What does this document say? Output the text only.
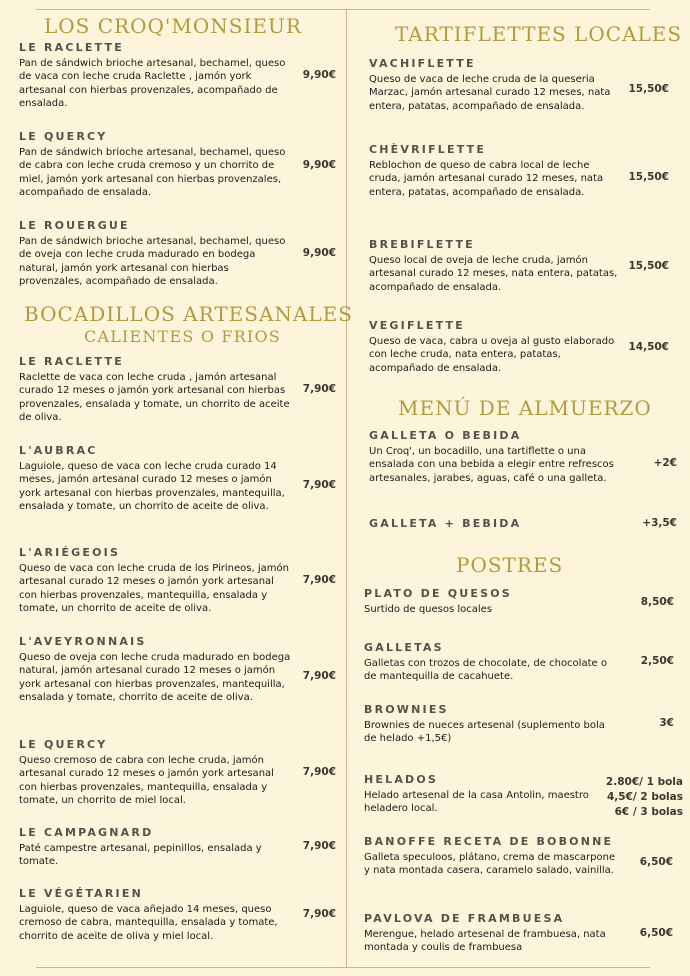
LOS CROQ'MONSIEUR
LE RACLETTE
Pan de sándwich brioche artesanal, bechamel, queso de vaca con leche cruda Raclette , jamón york artesanal con hierbas provenzales, acompañado de ensalada.
9,90€
LE QUERCY
Pan de sándwich brioche artesanal, bechamel, queso de cabra con leche cruda cremoso y un chorrito de miel, jamón york artesanal con hierbas provenzales, acompañado de ensalada.
9,90€
LE ROUERGUE
Pan de sándwich brioche artesanal, bechamel, queso de oveja con leche cruda madurado en bodega natural, jamón york artesanal con hierbas provenzales, acompañado de ensalada.
9,90€
BOCADILLOS ARTESANALES
CALIENTES O FRIOS
LE RACLETTE
Raclette de vaca con leche cruda , jamón artesanal curado 12 meses o jamón york artesanal con hierbas provenzales, ensalada y tomate, un chorrito de aceite de oliva.
7,90€
L'AUBRAC
Laguiole, queso de vaca con leche cruda curado 14 meses, jamón artesanal curado 12 meses o jamón york artesanal con hierbas provenzales, mantequilla, ensalada y tomate, un chorrito de aceite de oliva.
7,90€
L'ARIÉGEOIS
Queso de vaca con leche cruda de los Pirineos, jamón artesanal curado 12 meses o jamón york artesanal con hierbas provenzales, mantequilla, ensalada y tomate, un chorrito de aceite de oliva.
7,90€
L'AVEYRONNAIS
Queso de oveja con leche cruda madurado en bodega natural, jamón artesanal curado 12 meses o jamón york artesanal con hierbas provenzales, mantequilla, ensalada y tomate, chorrito de aceite de oliva.
7,90€
LE QUERCY
Queso cremoso de cabra con leche cruda, jamón artesanal curado 12 meses o jamón york artesanal con hierbas provenzales, mantequilla, ensalada y tomate, un chorrito de miel local.
7,90€
LE CAMPAGNARD
Paté campestre artesanal, pepinillos, ensalada y tomate.
7,90€
LE VÉGÉTARIEN
Laguiole, queso de vaca añejado 14 meses, queso cremoso de cabra, mantequilla, ensalada y tomate, chorrito de aceite de oliva y miel local.
7,90€
TARTIFLETTES LOCALES
VACHIFLETTE
Queso de vaca de leche cruda de la queseria Marzac, jamón artesanal curado 12 meses, nata entera, patatas, acompañado de ensalada.
15,50€
CHÈVRIFLETTE
Reblochon de queso de cabra local de leche cruda, jamón artesanal curado 12 meses, nata entera, patatas, acompañado de ensalada.
15,50€
BREBIFLETTE
Queso local de oveja de leche cruda, jamón artesanal curado 12 meses, nata entera, patatas, acompañado de ensalada.
15,50€
VEGIFLETTE
Queso de vaca, cabra u oveja al gusto elaborado con leche cruda, nata entera, patatas, acompañado de ensalada.
14,50€
MENÚ DE ALMUERZO
GALLETA O BEBIDA
Un Croq', un bocadillo, una tartiflette o una ensalada con una bebida a elegir entre refrescos artesanales, jarabes, aguas, café o una galleta.
+2€
GALLETA + BEBIDA	+3,5€
POSTRES
PLATO DE QUESOS
Surtido de quesos locales
8,50€
GALLETAS
Galletas con trozos de chocolate, de chocolate o de mantequilla de cacahuete.
2,50€
BROWNIES
Brownies de nueces artesenal (suplemento bola de helado +1,5€)
3€
HELADOS
Helado artesenal de la casa Antolin, maestro heladero local.
2.80€/ 1 bola
4,5€/ 2 bolas
6€ / 3 bolas
BANOFFE RECETA DE BOBONNE
Galleta speculoos, plátano, crema de mascarpone y nata montada casera, caramelo salado, vainilla.
6,50€
PAVLOVA DE FRAMBUESA
Merengue, helado artesenal de frambuesa, nata montada y coulis de frambuesa
6,50€
